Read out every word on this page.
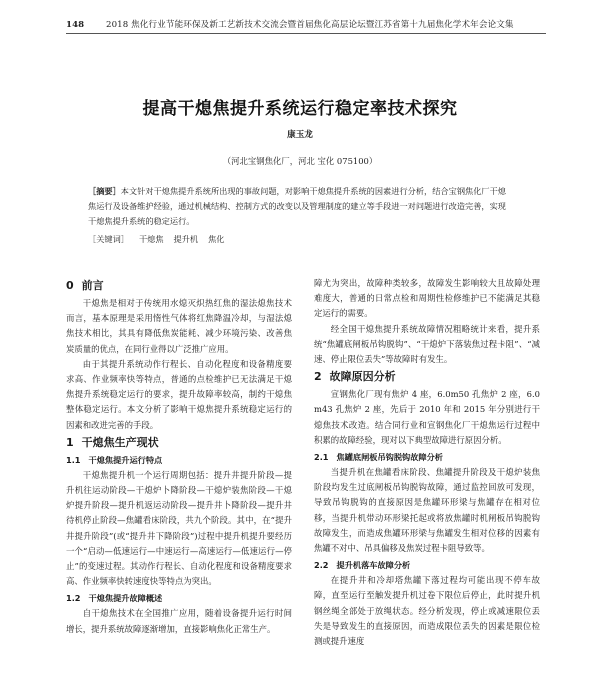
148	2018 焦化行业节能环保及新工艺新技术交流会暨首届焦化高层论坛暨江苏省第十九届焦化学术年会论文集
提高干熄焦提升系统运行稳定率技术探究
康玉龙
（河北宝钢焦化厂，河北 宝化 075100）
［摘要］本文针对干熄焦提升系统所出现的事故问题，对影响干熄焦提升系统的因素进行分析，结合宝钢焦化厂干熄焦运行及设备维护经验，通过机械结构、控制方式的改变以及管理制度的建立等手段进一对问题进行改造完善，实现干熄焦提升系统的稳定运行。
［关键词］ 干熄焦 提升机 焦化
0 前言

干熄焦是相对于传统用水熄灭炽热红焦的湿法熄焦技术而言，基本原理是采用惰性气体将红焦降温冷却，与湿法熄焦技术相比，其具有降低焦炭能耗、减少环境污染、改善焦炭质量的优点，在同行业得以广泛推广应用。

由于其提升系统动作行程长、自动化程度和设备精度要求高、作业频率快等特点，普通的点检维护已无法满足干熄焦提升系统稳定运行的要求，提升故障率较高，制约干熄焦整体稳定运行。本文分析了影响干熄焦提升系统稳定运行的因素和改进完善的手段。

1 干熄焦生产现状
1.1 干熄焦提升运行特点

干熄焦提升机一个运行周期包括：提升井提升阶段—提升机往运动阶段—干熄炉卜降阶段—干熄炉装焦阶段—干熄炉提升阶段—提升机返运动阶段—提升井卜降阶段—提升井待机停止阶段—焦罐看床阶段，共九个阶段。其中，在“提升井提升阶段”(或“提升井下降阶段”)过程中提升机提升要经历一个“启动—低速运行—中速运行—高速运行—低速运行—停止”的变速过程。其动作行程长、自动化程度和设备精度要求高、作业频率快转速度快等特点为突出。

1.2 干熄焦提升故障概述

自干熄焦技术在全国推广应用，随着设备提升运行时间增长，提升系统故障逐渐增加，直接影响焦化正常生产。

障尤为突出，故障种类较多，故障发生影响较大且故障处理难度大，普通的日常点检和周期性检修维护已不能满足其稳定运行的需要。

经全国干熄焦提升系统故障情况粗略统计来看，提升系统“焦罐底闸板吊钩脱钩”、“干熄炉下落装焦过程卡阻”、“减速、停止限位丢失”等故障时有发生。

2 故障原因分析

宣钢焦化厂现有焦炉 4 座，6.0m50 孔焦炉 2 座，6.0m43 孔焦炉 2 座，先后于 2010 年和 2015 年分别进行干熄焦技术改造。结合同行业和宣钢焦化厂干熄焦运行过程中积累的故障经验，现对以下典型故障进行原因分析。

2.1 焦罐底闸板吊钩脱钩故障分析

当提升机在焦罐看床阶段、焦罐提升阶段及干熄炉装焦阶段均发生过底闸板吊钩脱钩故障，通过监控回放可发现，导致吊钩脱钩的直接原因是焦罐环形梁与焦罐存在相对位移，当提升机带动环形梁托起或将放焦罐时机闸板吊钩脱钩故障发生，而造成焦罐环形梁与焦罐发生相对位移的因素有焦罐不对中、吊具偏移及焦炭过程卡阻导致等。

2.2 提升机落车故障分析

在提升井和冷却塔焦罐下落过程均可能出现不停车故障，直至运行至触发提升机过卷下限位后停止，此时提升机钢丝绳全部处于放绳状态。经分析发现，停止或减速限位丢失是导致发生的直接原因，而造成限位丢失的因素是限位检测或提升速度
